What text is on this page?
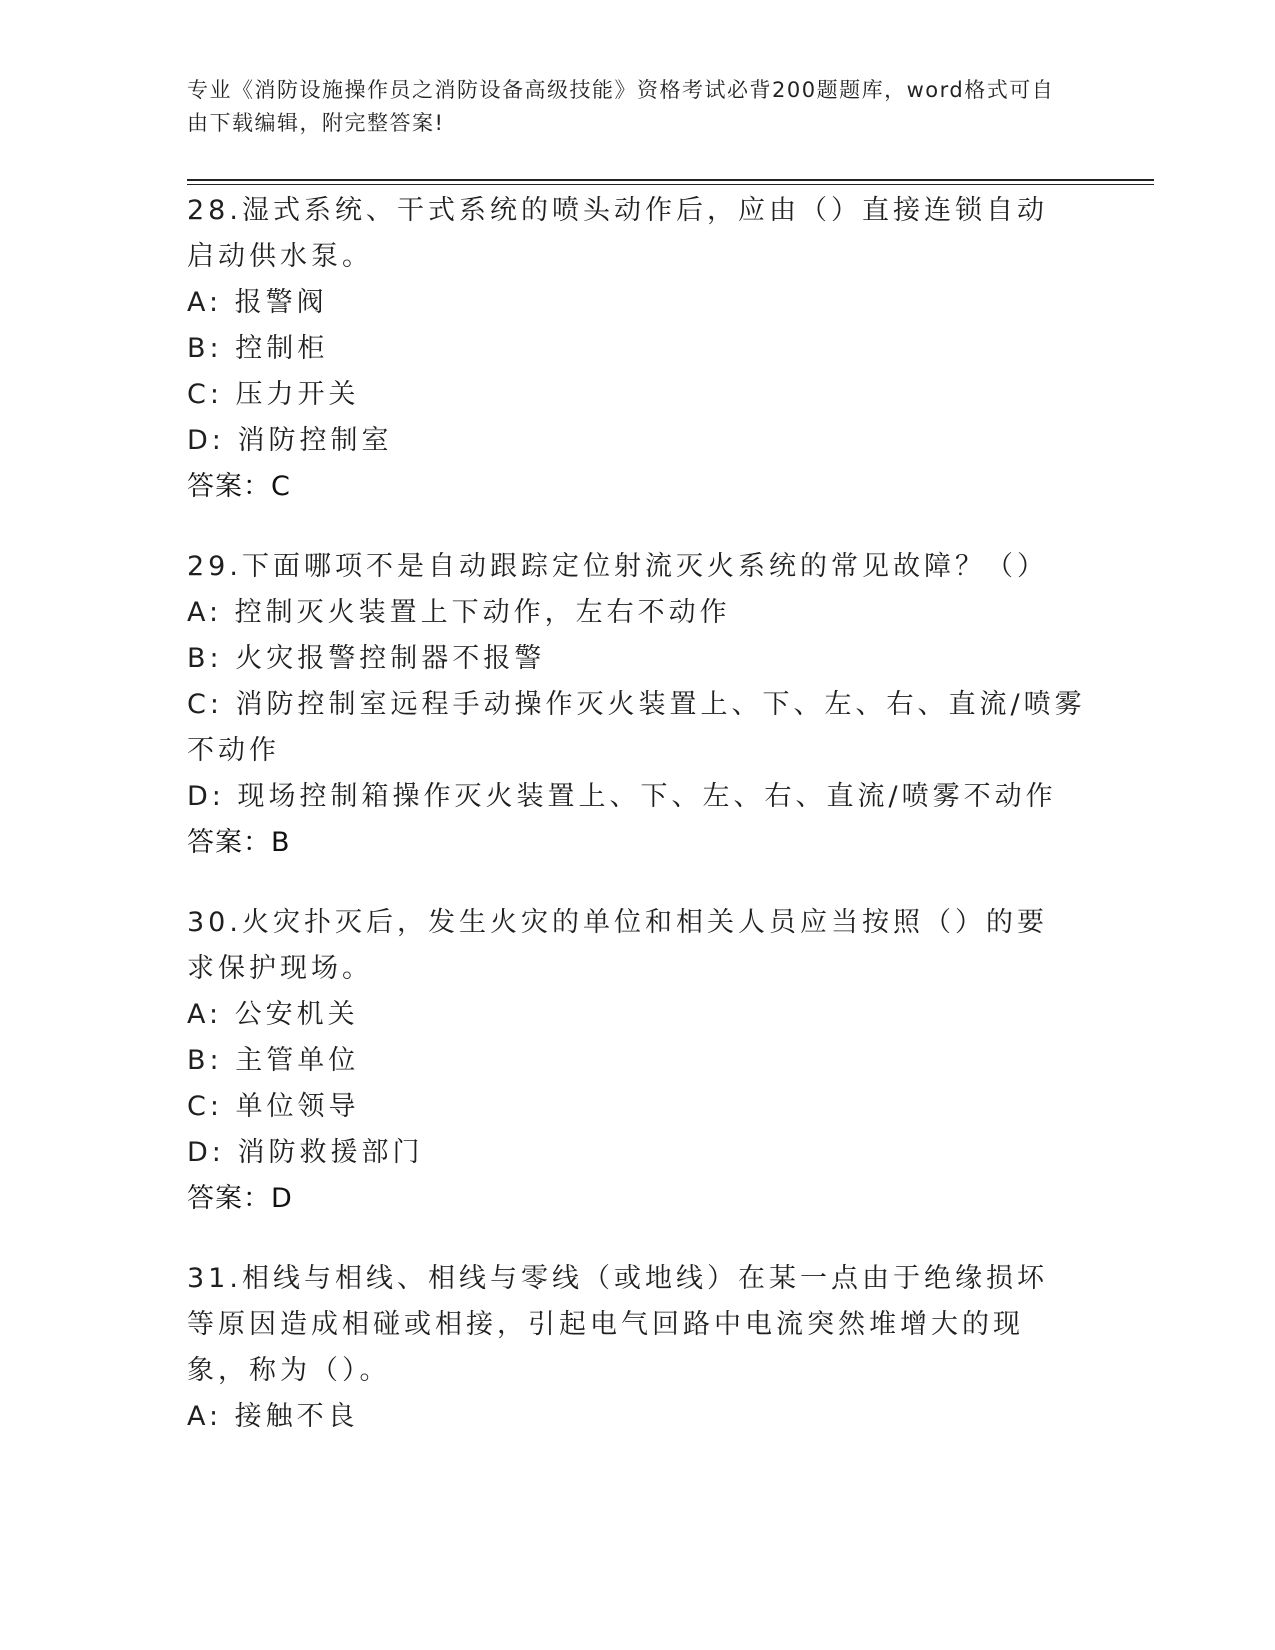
专业《消防设施操作员之消防设备高级技能》资格考试必背200题题库，word格式可自由下载编辑，附完整答案!
28.湿式系统、干式系统的喷头动作后，应由（）直接连锁自动启动供水泵。
A: 报警阀
B: 控制柜
C: 压力开关
D: 消防控制室
答案：C
29.下面哪项不是自动跟踪定位射流灭火系统的常见故障？（）
A: 控制灭火装置上下动作，左右不动作
B: 火灾报警控制器不报警
C: 消防控制室远程手动操作灭火装置上、下、左、右、直流/喷雾不动作
D: 现场控制箱操作灭火装置上、下、左、右、直流/喷雾不动作
答案：B
30.火灾扑灭后，发生火灾的单位和相关人员应当按照（）的要求保护现场。
A: 公安机关
B: 主管单位
C: 单位领导
D: 消防救援部门
答案：D
31.相线与相线、相线与零线（或地线）在某一点由于绝缘损坏等原因造成相碰或相接，引起电气回路中电流突然堆增大的现象，称为（）。
A: 接触不良
